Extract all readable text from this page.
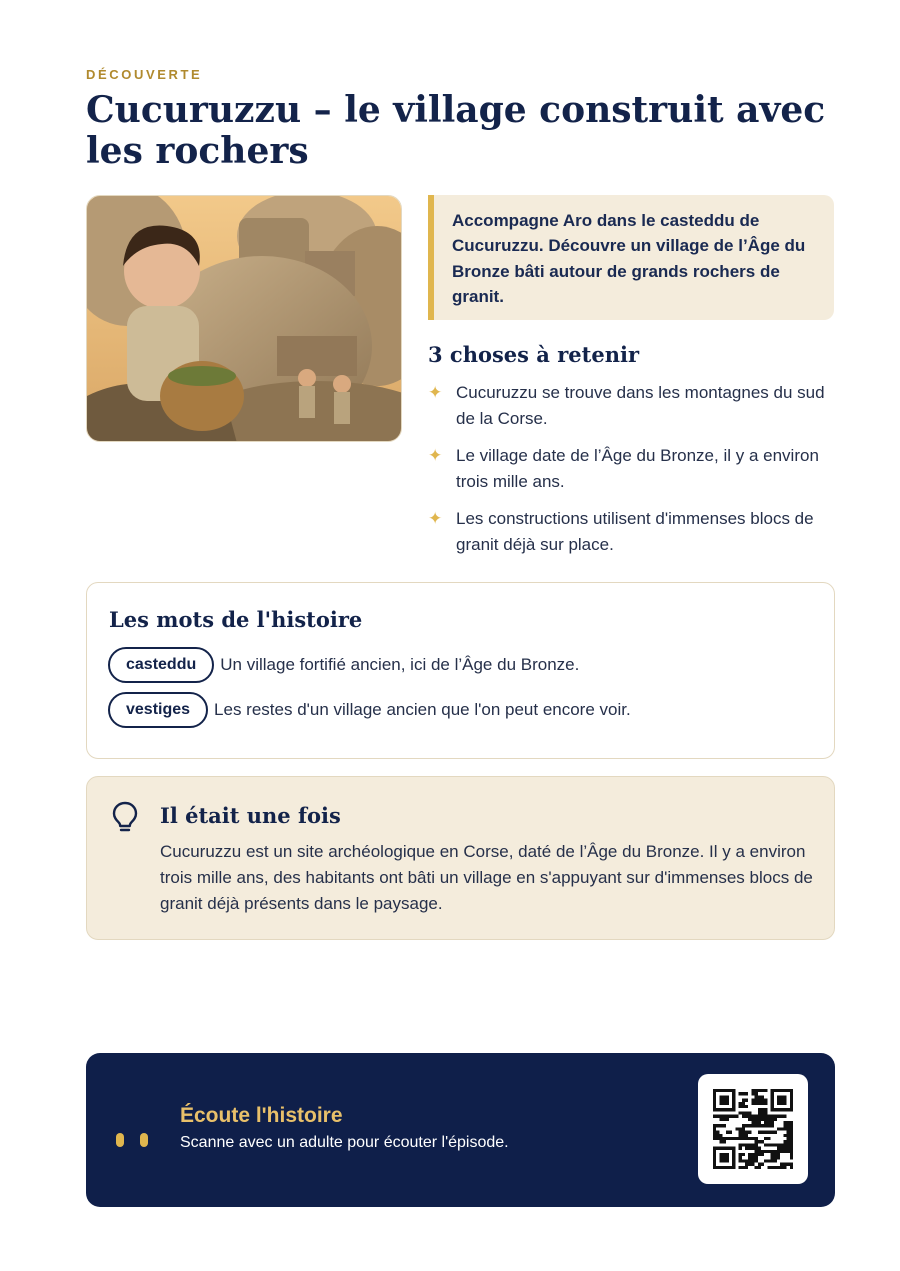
DÉCOUVERTE
Cucuruzzu – le village construit avec les rochers
Accompagne Aro dans le casteddu de Cucuruzzu. Découvre un village de l’Âge du Bronze bâti autour de grands rochers de granit.
3 choses à retenir
✦ Cucuruzzu se trouve dans les montagnes du sud de la Corse.
✦ Le village date de l’Âge du Bronze, il y a environ trois mille ans.
✦ Les constructions utilisent d'immenses blocs de granit déjà sur place.
Les mots de l'histoire
casteddu	Un village fortifié ancien, ici de l’Âge du Bronze.
vestiges	Les restes d'un village ancien que l'on peut encore voir.
Il était une fois

Cucuruzzu est un site archéologique en Corse, daté de l’Âge du Bronze. Il y a environ trois mille ans, des habitants ont bâti un village en s'appuyant sur d'immenses blocs de granit déjà présents dans le paysage.

Écoute l'histoire

Scanne avec un adulte pour écouter l'épisode.
